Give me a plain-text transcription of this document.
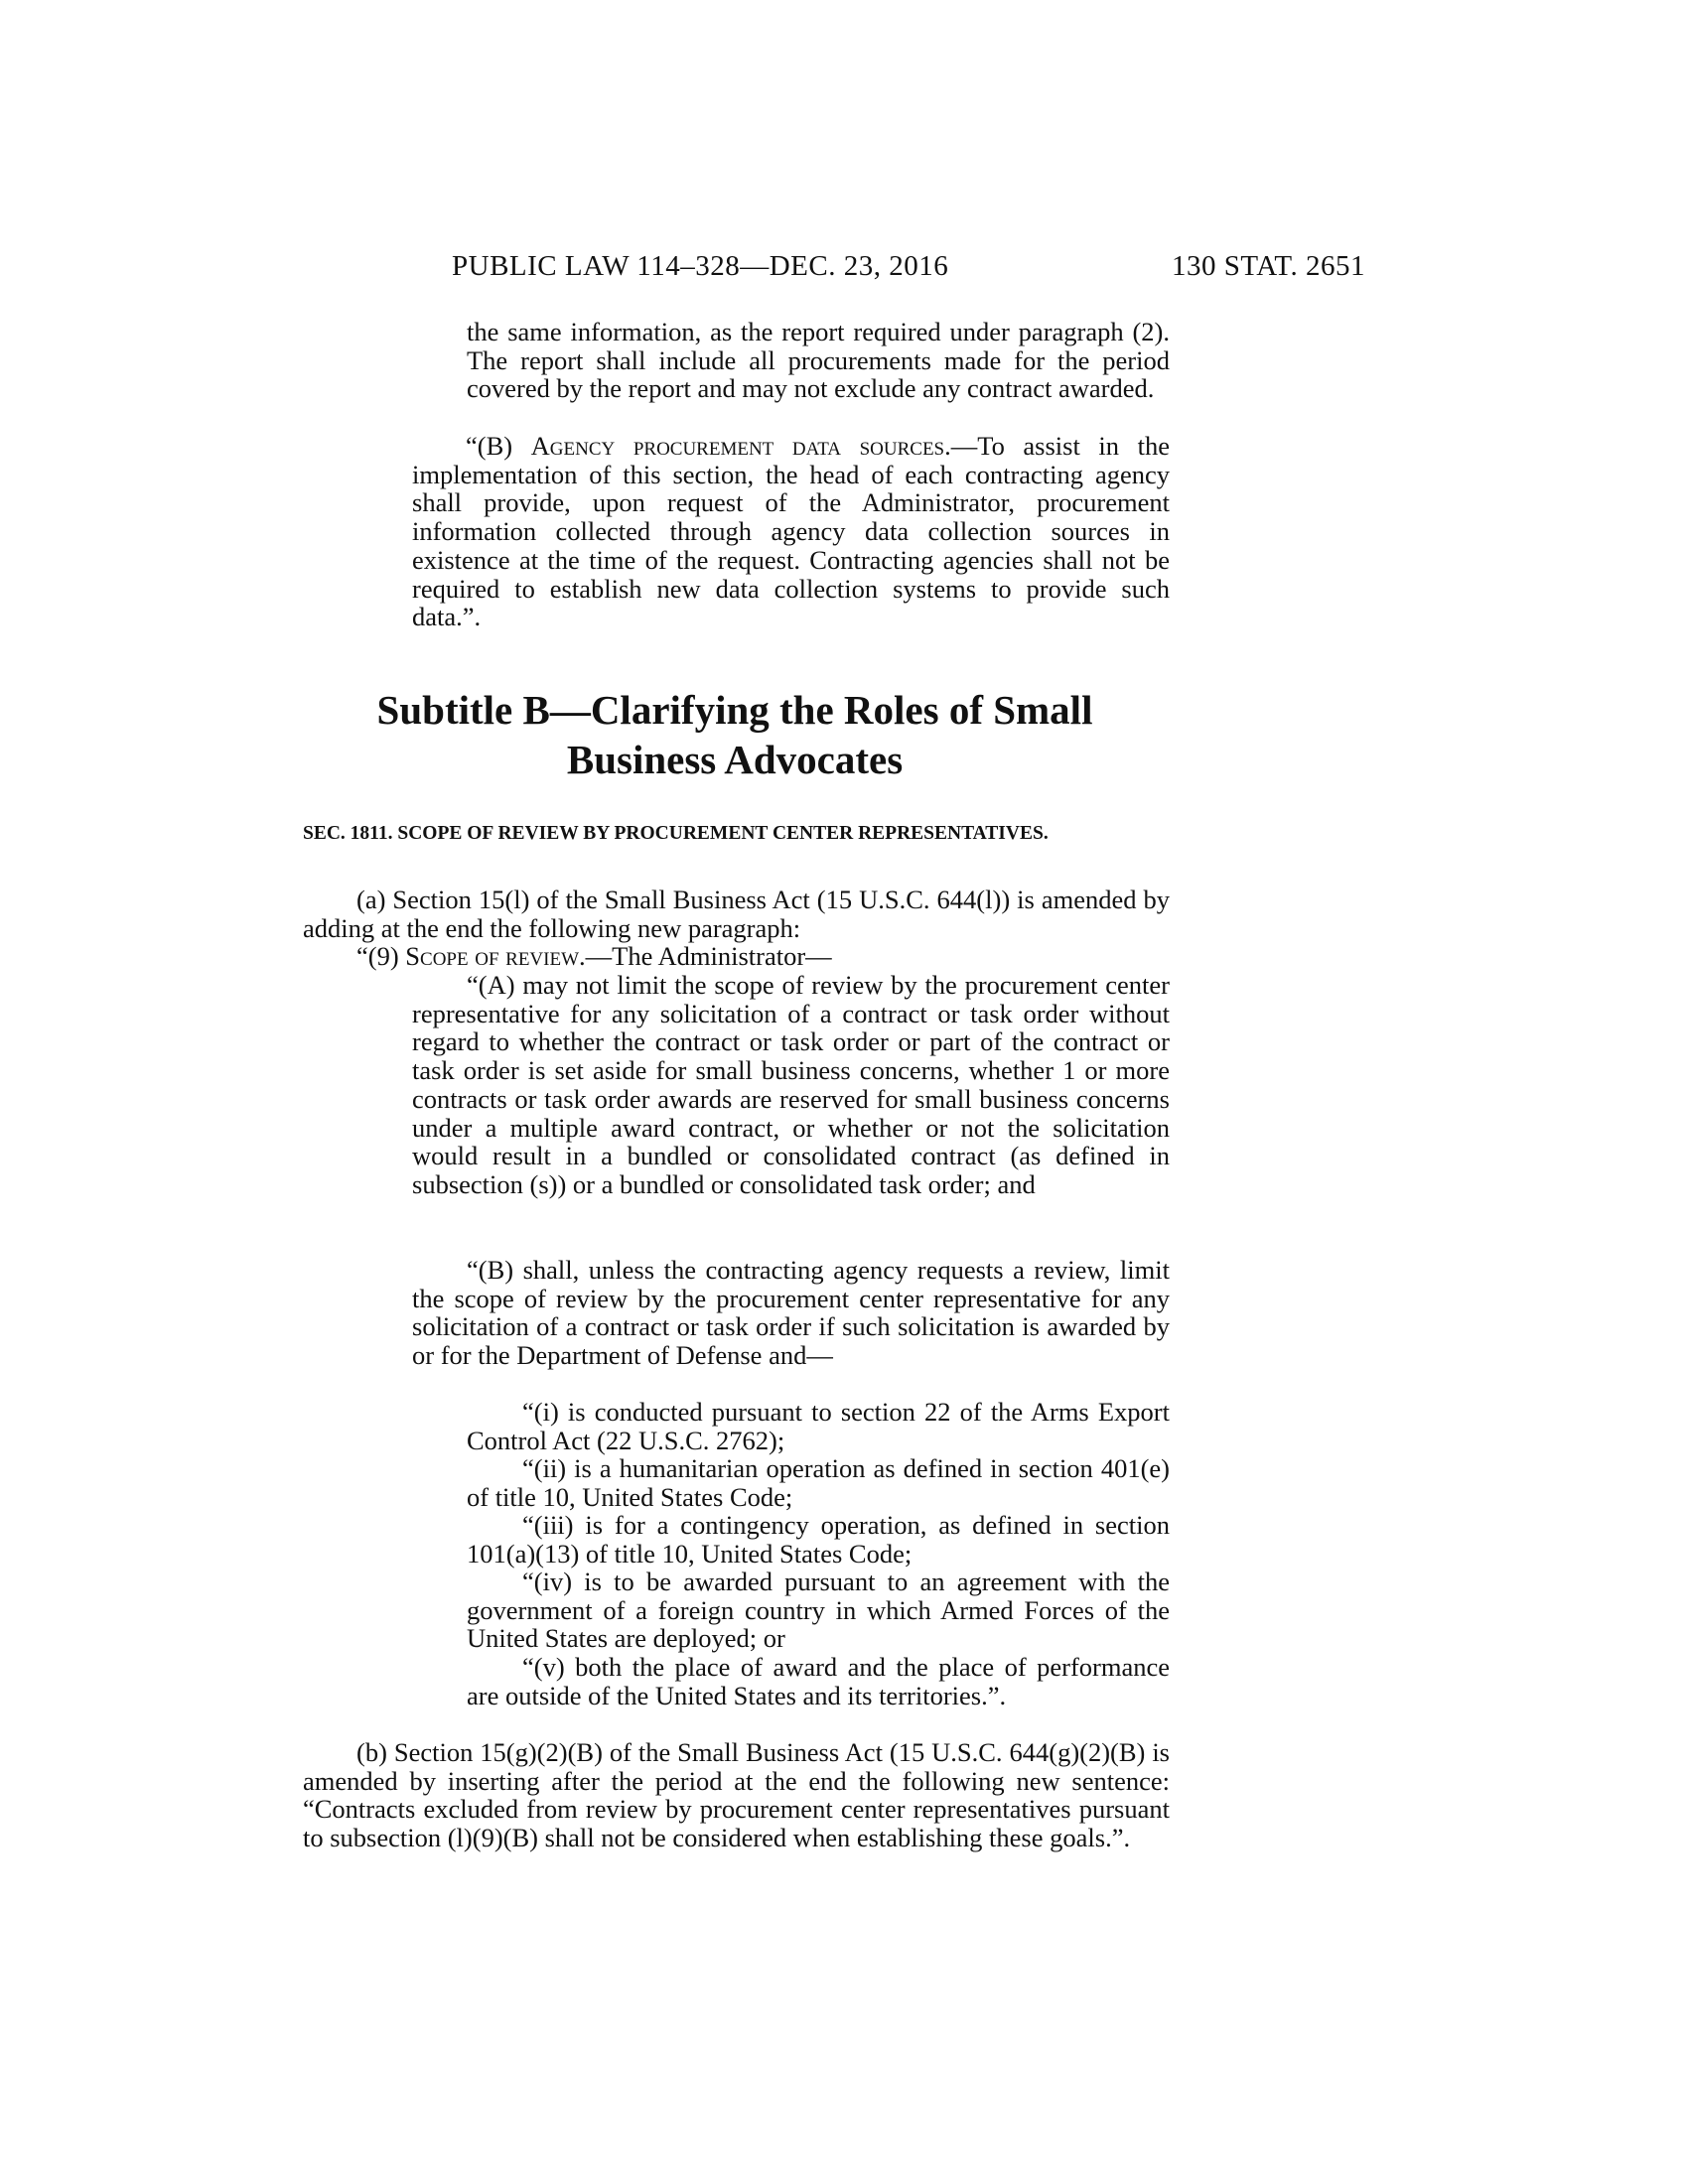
PUBLIC LAW 114–328—DEC. 23, 2016	130 STAT. 2651

the same information, as the report required under paragraph (2). The report shall include all procurements made for the period covered by the report and may not exclude any contract awarded.

“(B) Agency procurement data sources.—To assist in the implementation of this section, the head of each contracting agency shall provide, upon request of the Administrator, procurement information collected through agency data collection sources in existence at the time of the request. Contracting agencies shall not be required to establish new data collection systems to provide such data.”.

Subtitle B—Clarifying the Roles of Small
Business Advocates
SEC. 1811. SCOPE OF REVIEW BY PROCUREMENT CENTER REPRESENTATIVES.

(a) Section 15(l) of the Small Business Act (15 U.S.C. 644(l)) is amended by adding at the end the following new paragraph:

“(9) Scope of review.—The Administrator—

“(A) may not limit the scope of review by the procurement center representative for any solicitation of a contract or task order without regard to whether the contract or task order or part of the contract or task order is set aside for small business concerns, whether 1 or more contracts or task order awards are reserved for small business concerns under a multiple award contract, or whether or not the solicitation would result in a bundled or consolidated contract (as defined in subsection (s)) or a bundled or consolidated task order; and

“(B) shall, unless the contracting agency requests a review, limit the scope of review by the procurement center representative for any solicitation of a contract or task order if such solicitation is awarded by or for the Department of Defense and—

“(i) is conducted pursuant to section 22 of the Arms Export Control Act (22 U.S.C. 2762);

“(ii) is a humanitarian operation as defined in section 401(e) of title 10, United States Code;

“(iii) is for a contingency operation, as defined in section 101(a)(13) of title 10, United States Code;

“(iv) is to be awarded pursuant to an agreement with the government of a foreign country in which Armed Forces of the United States are deployed; or

“(v) both the place of award and the place of performance are outside of the United States and its territories.”.

(b) Section 15(g)(2)(B) of the Small Business Act (15 U.S.C. 644(g)(2)(B) is amended by inserting after the period at the end the following new sentence: “Contracts excluded from review by procurement center representatives pursuant to subsection (l)(9)(B) shall not be considered when establishing these goals.”.
